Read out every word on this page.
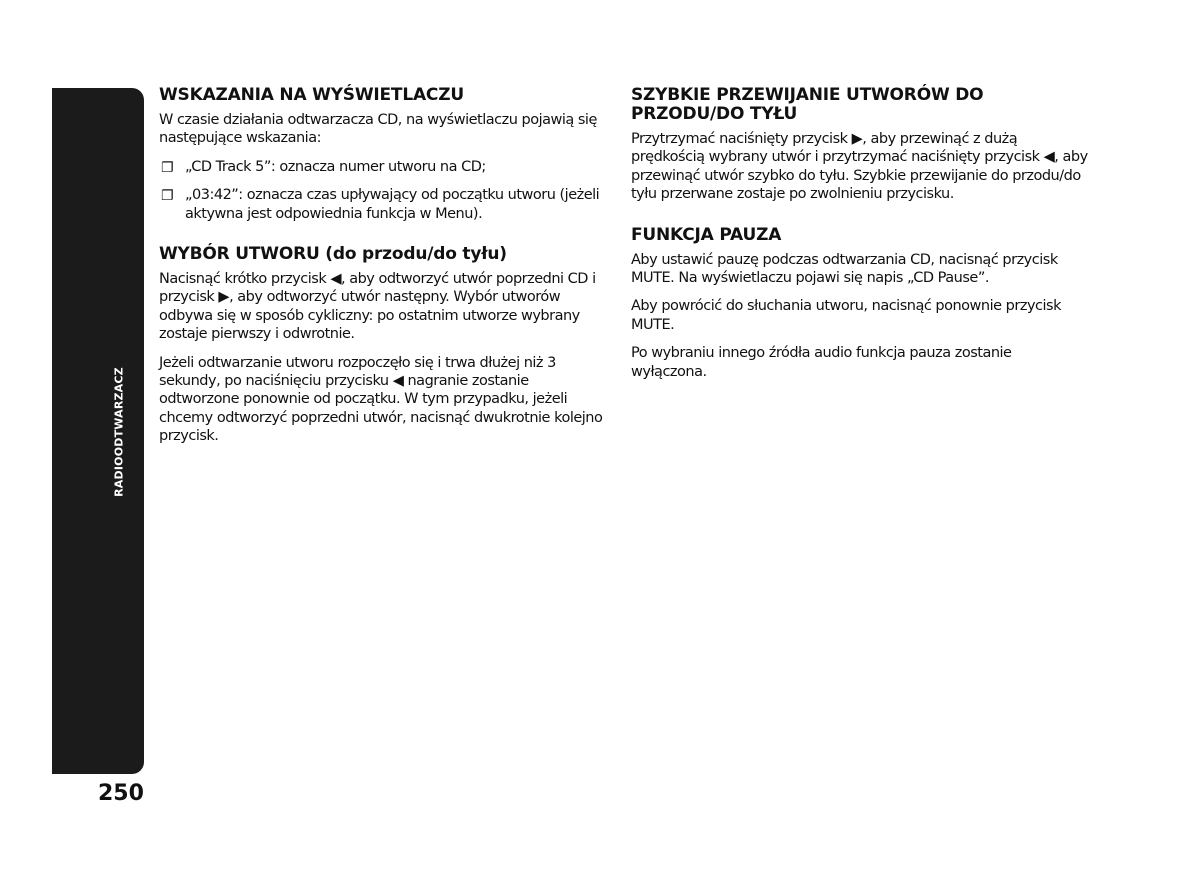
RADIOODTWARZACZ
250
WSKAZANIA NA WYŚWIETLACZU

W czasie działania odtwarzacza CD, na wyświetlaczu pojawią się następujące wskazania:

❐ „CD Track 5”: oznacza numer utworu na CD;
❐ „03:42”: oznacza czas upływający od początku utworu (jeżeli aktywna jest odpowiednia funkcja w Menu).
WYBÓR UTWORU (do przodu/do tyłu)

Nacisnąć krótko przycisk ◀, aby odtworzyć utwór poprzedni CD i przycisk ▶, aby odtworzyć utwór następny. Wybór utworów odbywa się w sposób cykliczny: po ostatnim utworze wybrany zostaje pierwszy i odwrotnie.

Jeżeli odtwarzanie utworu rozpoczęło się i trwa dłużej niż 3 sekundy, po naciśnięciu przycisku ◀ nagranie zostanie odtworzone ponownie od początku. W tym przypadku, jeżeli chcemy odtworzyć poprzedni utwór, nacisnąć dwukrotnie kolejno przycisk.

SZYBKIE PRZEWIJANIE UTWORÓW DO PRZODU/DO TYŁU

Przytrzymać naciśnięty przycisk ▶, aby przewinąć z dużą prędkością wybrany utwór i przytrzymać naciśnięty przycisk ◀, aby przewinąć utwór szybko do tyłu. Szybkie przewijanie do przodu/do tyłu przerwane zostaje po zwolnieniu przycisku.

FUNKCJA PAUZA

Aby ustawić pauzę podczas odtwarzania CD, nacisnąć przycisk MUTE. Na wyświetlaczu pojawi się napis „CD Pause”.

Aby powrócić do słuchania utworu, nacisnąć ponownie przycisk MUTE.

Po wybraniu innego źródła audio funkcja pauza zostanie wyłączona.
